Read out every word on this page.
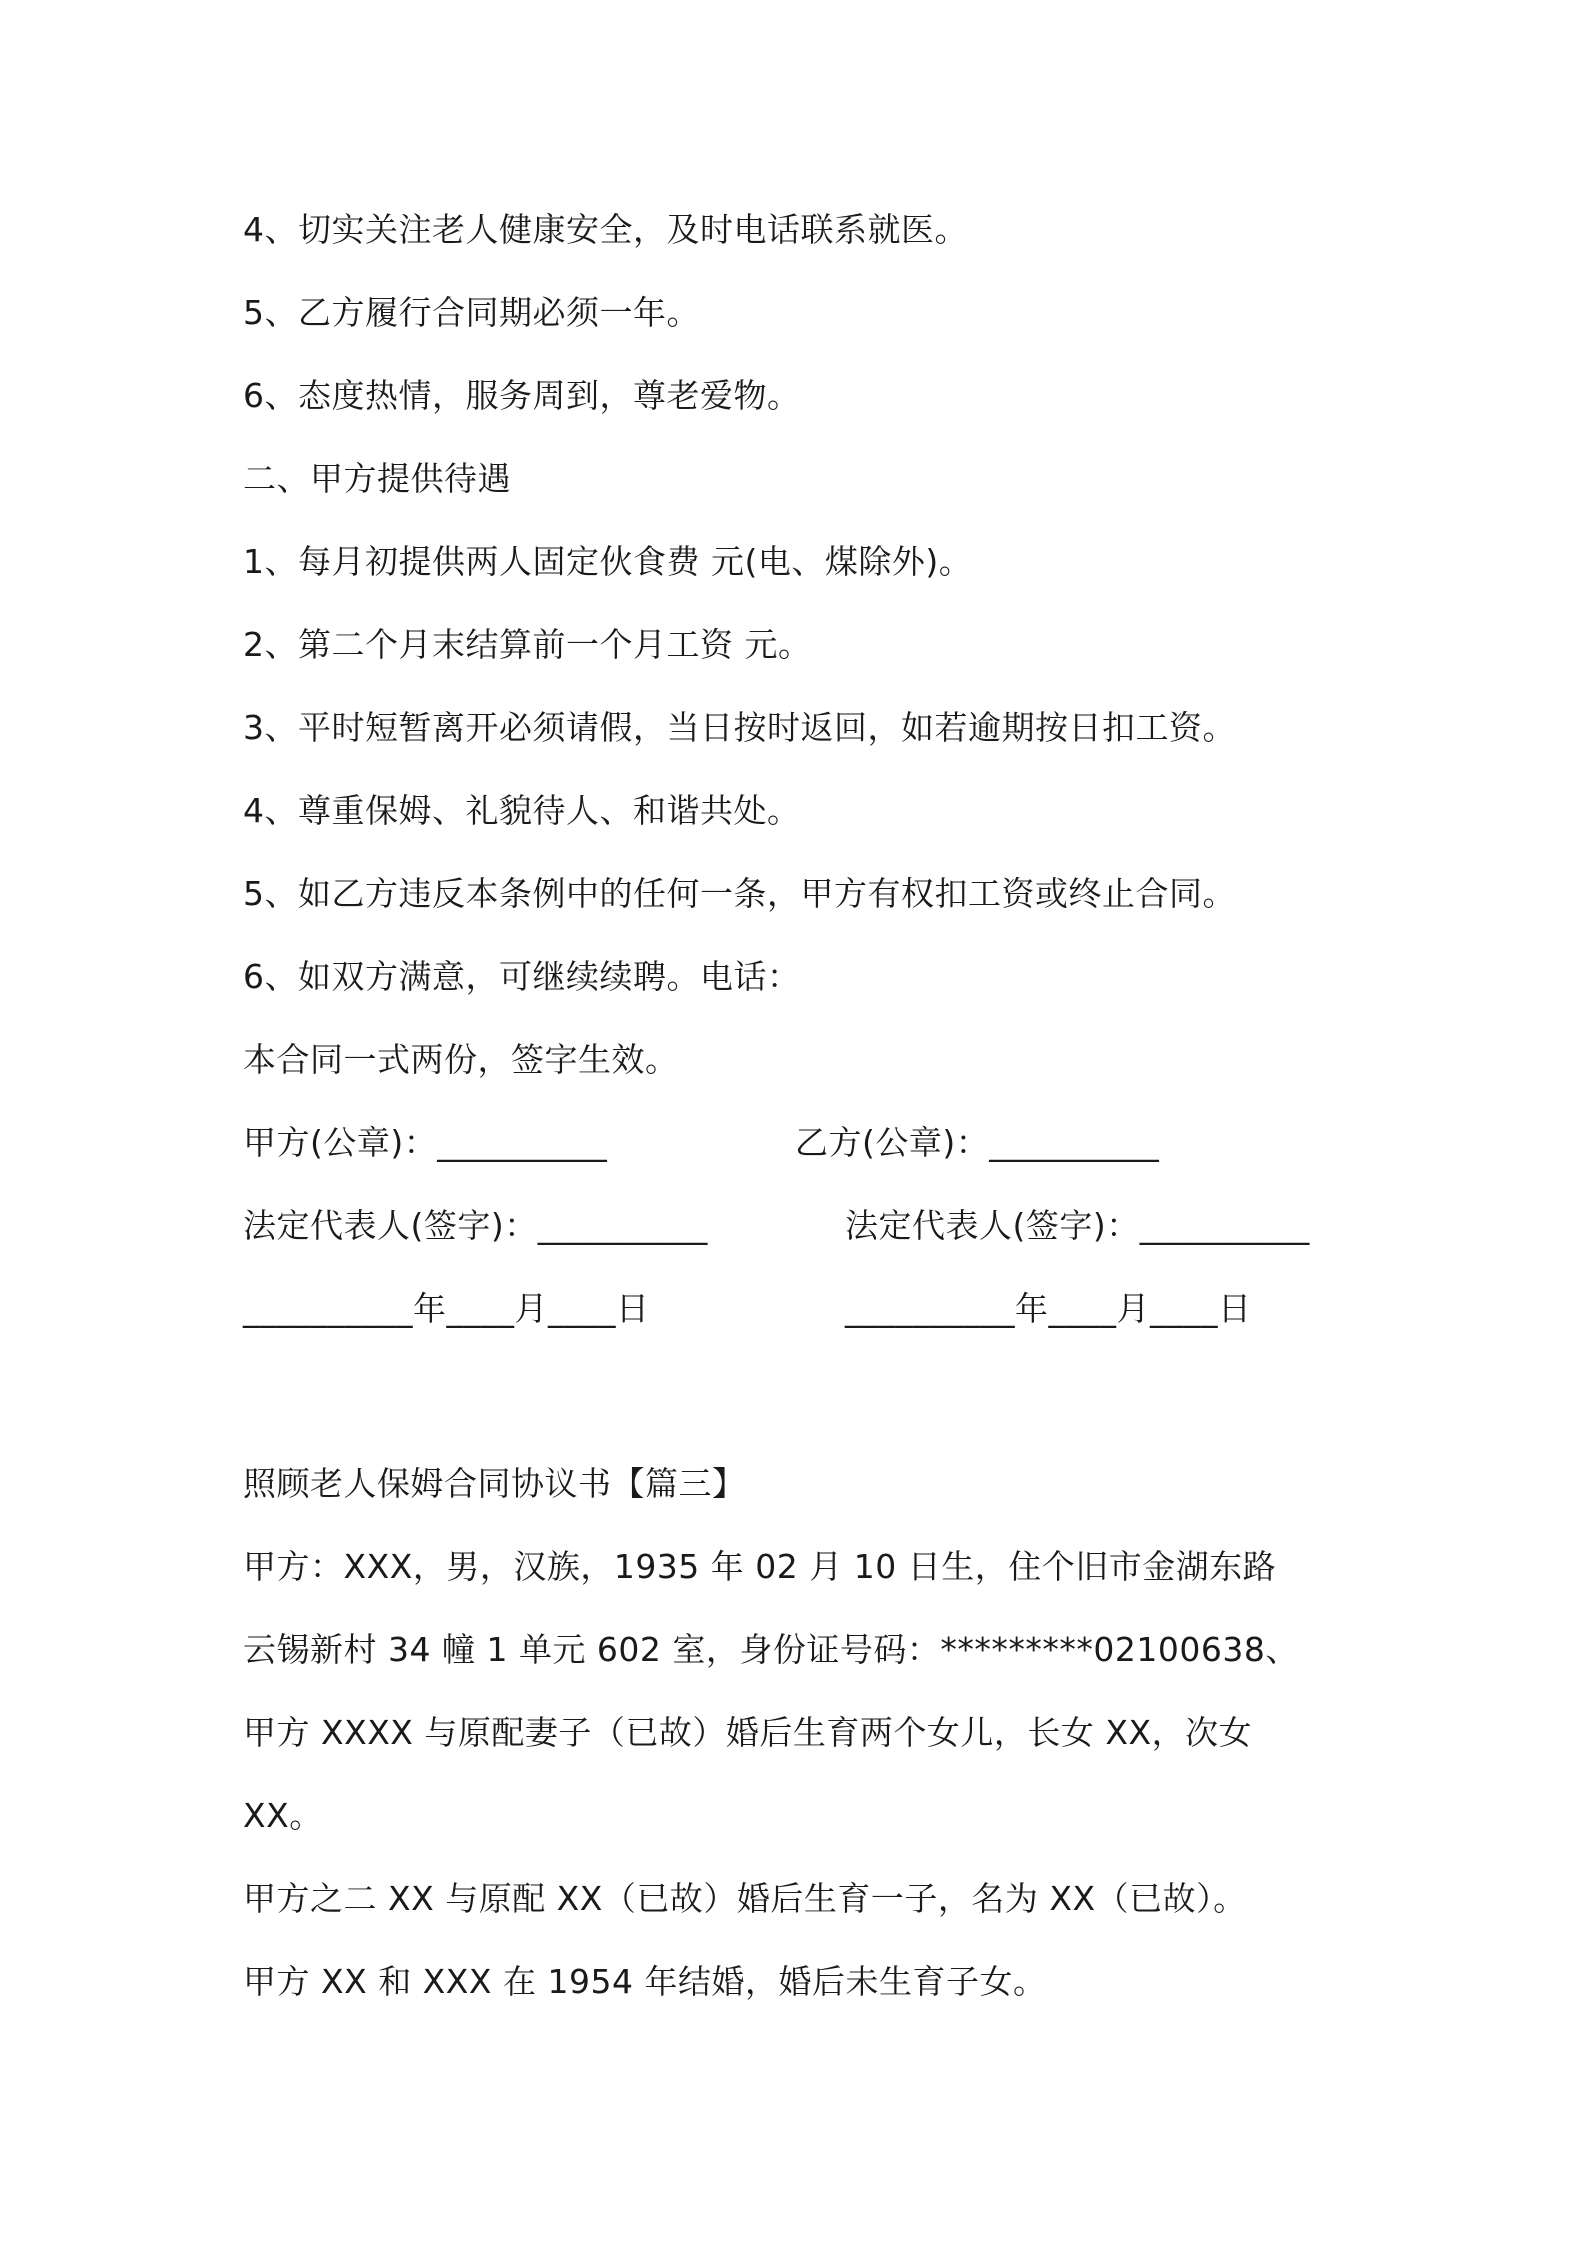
4、切实关注老人健康安全，及时电话联系就医。
5、乙方履行合同期必须一年。
6、态度热情，服务周到，尊老爱物。
二、甲方提供待遇
1、每月初提供两人固定伙食费 元(电、煤除外)。
2、第二个月末结算前一个月工资 元。
3、平时短暂离开必须请假，当日按时返回，如若逾期按日扣工资。
4、尊重保姆、礼貌待人、和谐共处。
5、如乙方违反本条例中的任何一条，甲方有权扣工资或终止合同。
6、如双方满意，可继续续聘。电话：
本合同一式两份，签字生效。
甲方(公章)：__________	乙方(公章)：__________
法定代表人(签字)：__________	法定代表人(签字)：__________
__________年____月____日	__________年____月____日
照顾老人保姆合同协议书【篇三】
甲方：XXX，男，汉族，1935 年 02 月 10 日生，住个旧市金湖东路
云锡新村 34 幢 1 单元 602 室，身份证号码：*********02100638、
甲方 XXXX 与原配妻子（已故）婚后生育两个女儿，长女 XX，次女
XX。
甲方之二 XX 与原配 XX（已故）婚后生育一子，名为 XX（已故）。
甲方 XX 和 XXX 在 1954 年结婚，婚后未生育子女。
